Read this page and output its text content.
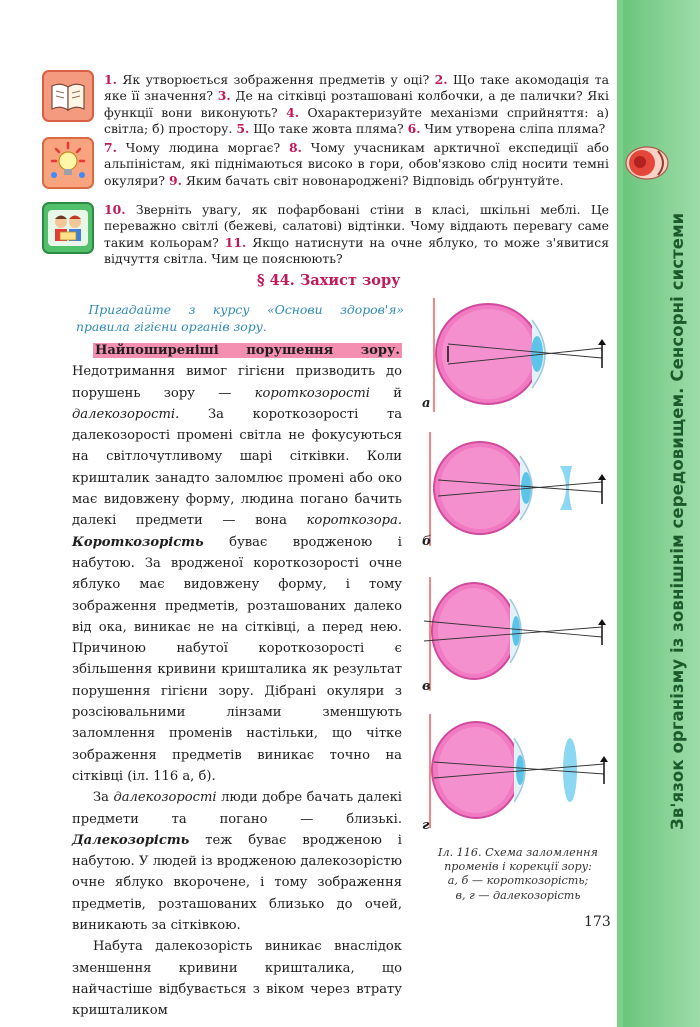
Зв'язок організму із зовнішнім середовищем. Сенсорні системи
1. Як утворюється зображення предметів у оці? 2. Що таке акомодація та яке її значення? 3. Де на сітківці розташовані колбочки, а де палички? Які функції вони виконують? 4. Охарактеризуйте механізми сприйняття: а) світла; б) простору. 5. Що таке жовта пляма? 6. Чим утворена сліпа пляма?
7. Чому людина моргає? 8. Чому учасникам арктичної експедиції або альпіністам, які піднімаються високо в гори, обов'язково слід носити темні окуляри? 9. Яким бачать світ новонароджені? Відповідь обґрунтуйте.
10. Зверніть увагу, як пофарбовані стіни в класі, шкільні меблі. Це переважно світлі (бежеві, салатові) відтінки. Чому віддають перевагу саме таким кольорам? 11. Якщо натиснути на очне яблуко, то може з'явитися відчуття світла. Чим це пояснюють?
§ 44. Захист зору
Пригадайте з курсу «Основи здоров'я» правила гігієни органів зору.

Найпоширеніші порушення зору. Недотримання вимог гігієни призводить до порушень зору — короткозорості й далекозорості. За короткозорості та далекозорості промені світла не фокусуються на світлочутливому шарі сітківки. Коли кришталик занадто заломлює промені або око має видовжену форму, людина погано бачить далекі предмети — вона короткозора. Короткозорість буває вродженою і набутою. За вродженої короткозорості очне яблуко має видовжену форму, і тому зображення предметів, розташованих далеко від ока, виникає не на сітківці, а перед нею. Причиною набутої короткозорості є збільшення кривини кришталика як результат порушення гігієни зору. Дібрані окуляри з розсіювальними лінзами зменшують заломлення променів настільки, що чітке зображення предметів виникає точно на сітківці (іл. 116 а, б).

За далекозорості люди добре бачать далекі предмети та погано — близькі. Далекозорість теж буває вродженою і набутою. У людей із вродженою далекозорістю очне яблуко вкорочене, і тому зображення предметів, розташованих близько до очей, виникають за сітківкою.

Набута далекозорість виникає внаслідок зменшення кривини кришталика, що найчастіше відбувається з віком через втрату кришталиком

а
б
в
г
Іл. 116. Схема заломлення променів і корекції зору:
а, б — короткозорість;
в, г — далекозорість
173
